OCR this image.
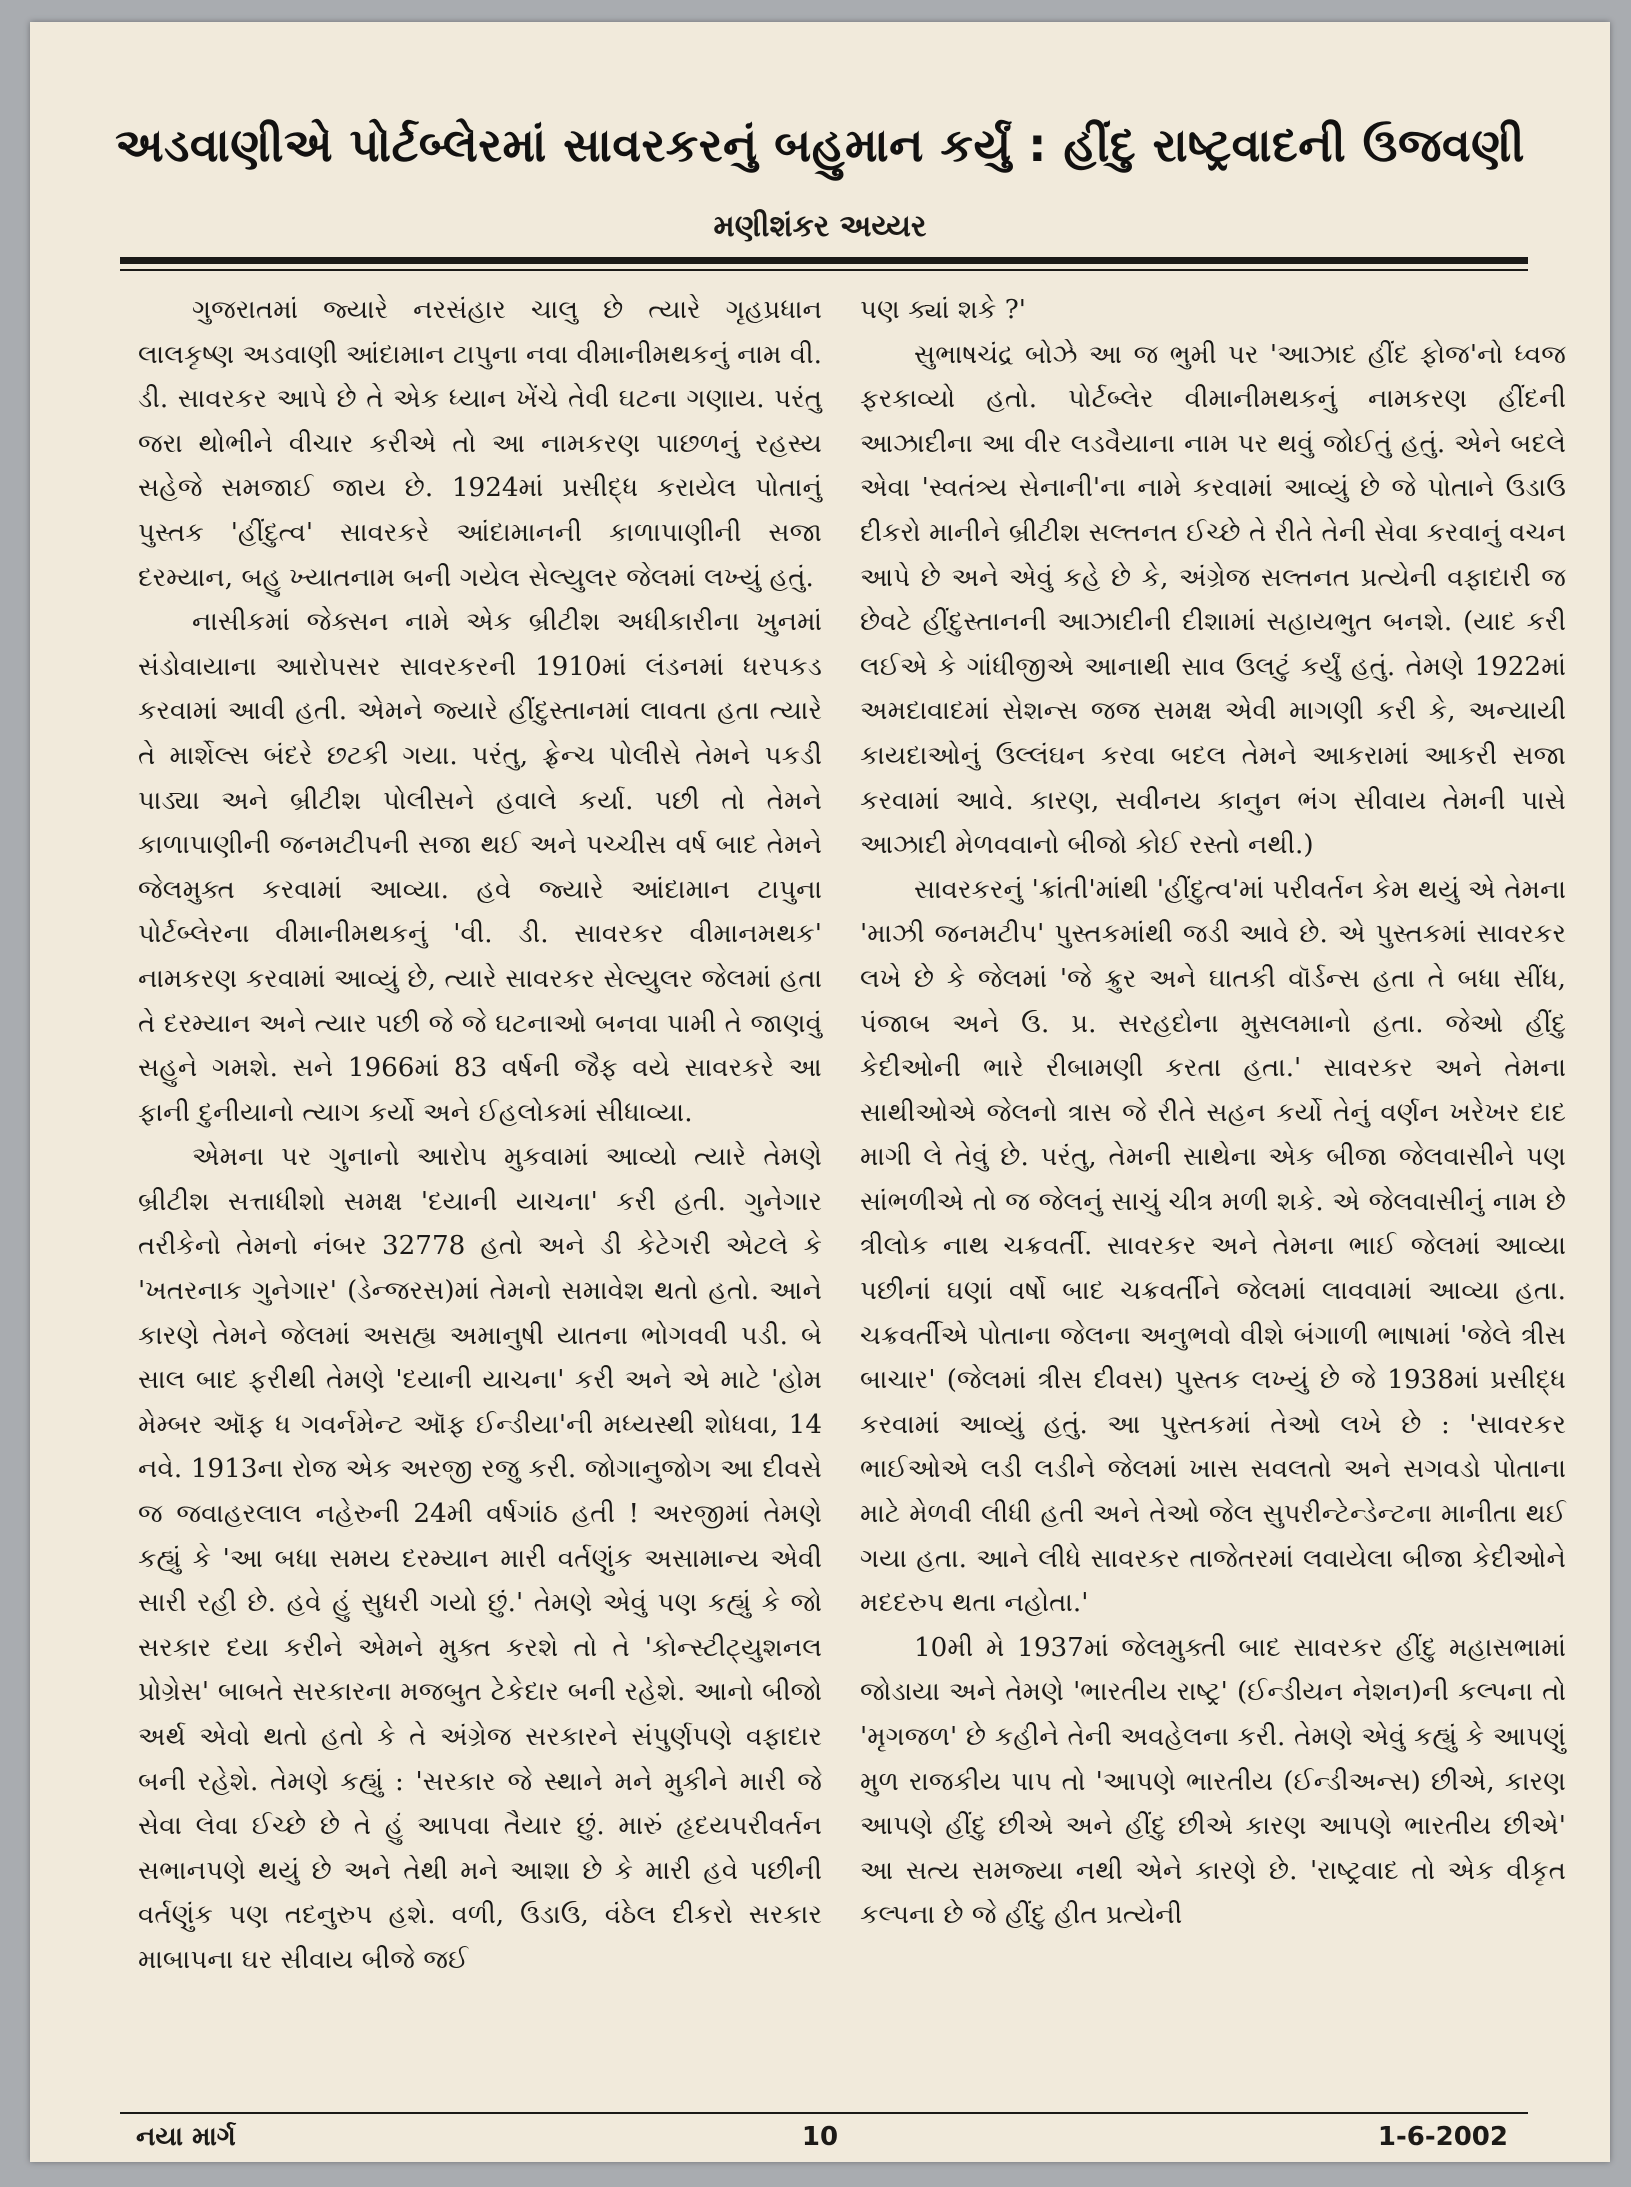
અડવાણીએ પોર્ટબ્લેરમાં સાવરકરનું બહુમાન કર્યું : હીંદુ રાષ્ટ્રવાદની ઉજવણી
મણીશંકર અય્યર

ગુજરાતમાં જ્યારે નરસંહાર ચાલુ છે ત્યારે ગૃહપ્રધાન લાલકૃષ્ણ અડવાણી આંદામાન ટાપુના નવા વીમાનીમથકનું નામ વી. ડી. સાવરકર આપે છે તે એક ધ્યાન ખેંચે તેવી ઘટના ગણાય. પરંતુ જરા થોભીને વીચાર કરીએ તો આ નામકરણ પાછળનું રહસ્ય સહેજે સમજાઈ જાય છે. 1924માં પ્રસીદ્ધ કરાયેલ પોતાનું પુસ્તક 'હીંદુત્વ' સાવરકરે આંદામાનની કાળાપાણીની સજા દરમ્યાન, બહુ ખ્યાતનામ બની ગયેલ સેલ્યુલર જેલમાં લખ્યું હતું.

નાસીકમાં જેક્સન નામે એક બ્રીટીશ અધીકારીના ખુનમાં સંડોવાયાના આરોપસર સાવરકરની 1910માં લંડનમાં ધરપકડ કરવામાં આવી હતી. એમને જ્યારે હીંદુસ્તાનમાં લાવતા હતા ત્યારે તે માર્શેલ્સ બંદરે છટકી ગયા. પરંતુ, ફ્રેન્ચ પોલીસે તેમને પકડી પાડ્યા અને બ્રીટીશ પોલીસને હવાલે કર્યા. પછી તો તેમને કાળાપાણીની જનમટીપની સજા થઈ અને પચ્ચીસ વર્ષ બાદ તેમને જેલમુક્ત કરવામાં આવ્યા. હવે જ્યારે આંદામાન ટાપુના પોર્ટબ્લેરના વીમાનીમથકનું 'વી. ડી. સાવરકર વીમાનમથક' નામકરણ કરવામાં આવ્યું છે, ત્યારે સાવરકર સેલ્યુલર જેલમાં હતા તે દરમ્યાન અને ત્યાર પછી જે જે ઘટનાઓ બનવા પામી તે જાણવું સહુને ગમશે. સને 1966માં 83 વર્ષની જૈફ વયે સાવરકરે આ ફાની દુનીયાનો ત્યાગ કર્યો અને ઈહલોકમાં સીધાવ્યા.

એમના પર ગુનાનો આરોપ મુકવામાં આવ્યો ત્યારે તેમણે બ્રીટીશ સત્તાધીશો સમક્ષ 'દયાની યાચના' કરી હતી. ગુનેગાર તરીકેનો તેમનો નંબર 32778 હતો અને ડી કેટેગરી એટલે કે 'ખતરનાક ગુનેગાર' (ડેન્જરસ)માં તેમનો સમાવેશ થતો હતો. આને કારણે તેમને જેલમાં અસહ્ય અમાનુષી યાતના ભોગવવી પડી. બે સાલ બાદ ફરીથી તેમણે 'દયાની યાચના' કરી અને એ માટે 'હોમ મેમ્બર ઑફ ધ ગવર્નમેન્ટ ઑફ ઈન્ડીયા'ની મધ્યસ્થી શોધવા, 14 નવે. 1913ના રોજ એક અરજી રજુ કરી. જોગાનુજોગ આ દીવસે જ જવાહરલાલ નહેરુની 24મી વર્ષગાંઠ હતી ! અરજીમાં તેમણે કહ્યું કે 'આ બધા સમય દરમ્યાન મારી વર્તણુંક અસામાન્ય એવી સારી રહી છે. હવે હું સુધરી ગયો છું.' તેમણે એવું પણ કહ્યું કે જો સરકાર દયા કરીને એમને મુક્ત કરશે તો તે 'કોન્સ્ટીટ્યુશનલ પ્રોગ્રેસ' બાબતે સરકારના મજબુત ટેકેદાર બની રહેશે. આનો બીજો અર્થ એવો થતો હતો કે તે અંગ્રેજ સરકારને સંપુર્ણપણે વફાદાર બની રહેશે. તેમણે કહ્યું : 'સરકાર જે સ્થાને મને મુકીને મારી જે સેવા લેવા ઈચ્છે છે તે હું આપવા તૈયાર છું. મારું હૃદયપરીવર્તન સભાનપણે થયું છે અને તેથી મને આશા છે કે મારી હવે પછીની વર્તણુંક પણ તદનુરુપ હશે. વળી, ઉડાઉ, વંઠેલ દીકરો સરકાર માબાપના ઘર સીવાય બીજે જઈ

પણ ક્યાં શકે ?'

સુભાષચંદ્ર બોઝે આ જ ભુમી પર 'આઝાદ હીંદ ફોજ'નો ધ્વજ ફરકાવ્યો હતો. પોર્ટબ્લેર વીમાનીમથકનું નામકરણ હીંદની આઝાદીના આ વીર લડવૈયાના નામ પર થવું જોઈતું હતું. એને બદલે એવા 'સ્વતંત્ર્ય સેનાની'ના નામે કરવામાં આવ્યું છે જે પોતાને ઉડાઉ દીકરો માનીને બ્રીટીશ સલ્તનત ઈચ્છે તે રીતે તેની સેવા કરવાનું વચન આપે છે અને એવું કહે છે કે, અંગ્રેજ સલ્તનત પ્રત્યેની વફાદારી જ છેવટે હીંદુસ્તાનની આઝાદીની દીશામાં સહાયભુત બનશે. (યાદ કરી લઈએ કે ગાંધીજીએ આનાથી સાવ ઉલટું કર્યું હતું. તેમણે 1922માં અમદાવાદમાં સેશન્સ જજ સમક્ષ એવી માગણી કરી કે, અન્યાયી કાયદાઓનું ઉલ્લંઘન કરવા બદલ તેમને આકરામાં આકરી સજા કરવામાં આવે. કારણ, સવીનય કાનુન ભંગ સીવાય તેમની પાસે આઝાદી મેળવવાનો બીજો કોઈ રસ્તો નથી.)

સાવરકરનું 'ક્રાંતી'માંથી 'હીંદુત્વ'માં પરીવર્તન કેમ થયું એ તેમના 'માઝી જનમટીપ' પુસ્તકમાંથી જડી આવે છે. એ પુસ્તકમાં સાવરકર લખે છે કે જેલમાં 'જે ક્રુર અને ઘાતકી વૉર્ડન્સ હતા તે બધા સીંધ, પંજાબ અને ઉ. પ્ર. સરહદોના મુસલમાનો હતા. જેઓ હીંદુ કેદીઓની ભારે રીબામણી કરતા હતા.' સાવરકર અને તેમના સાથીઓએ જેલનો ત્રાસ જે રીતે સહન કર્યો તેનું વર્ણન ખરેખર દાદ માગી લે તેવું છે. પરંતુ, તેમની સાથેના એક બીજા જેલવાસીને પણ સાંભળીએ તો જ જેલનું સાચું ચીત્ર મળી શકે. એ જેલવાસીનું નામ છે ત્રીલોક નાથ ચક્રવર્તી. સાવરકર અને તેમના ભાઈ જેલમાં આવ્યા પછીનાં ઘણાં વર્ષો બાદ ચક્રવર્તીને જેલમાં લાવવામાં આવ્યા હતા. ચક્રવર્તીએ પોતાના જેલના અનુભવો વીશે બંગાળી ભાષામાં 'જેલે ત્રીસ બાચાર' (જેલમાં ત્રીસ દીવસ) પુસ્તક લખ્યું છે જે 1938માં પ્રસીદ્ધ કરવામાં આવ્યું હતું. આ પુસ્તકમાં તેઓ લખે છે : 'સાવરકર ભાઈઓએ લડી લડીને જેલમાં ખાસ સવલતો અને સગવડો પોતાના માટે મેળવી લીધી હતી અને તેઓ જેલ સુપરીન્ટેન્ડેન્ટના માનીતા થઈ ગયા હતા. આને લીધે સાવરકર તાજેતરમાં લવાયેલા બીજા કેદીઓને મદદરુપ થતા નહોતા.'

10મી મે 1937માં જેલમુક્તી બાદ સાવરકર હીંદુ મહાસભામાં જોડાયા અને તેમણે 'ભારતીય રાષ્ટ્ર' (ઈન્ડીયન નેશન)ની કલ્પના તો 'મૃગજળ' છે કહીને તેની અવહેલના કરી. તેમણે એવું કહ્યું કે આપણું મુળ રાજકીય પાપ તો 'આપણે ભારતીય (ઈન્ડીઅન્સ) છીએ, કારણ આપણે હીંદુ છીએ અને હીંદુ છીએ કારણ આપણે ભારતીય છીએ' આ સત્ય સમજ્યા નથી એને કારણે છે. 'રાષ્ટ્રવાદ તો એક વીકૃત કલ્પના છે જે હીંદુ હીત પ્રત્યેની

નયા માર્ગ	10	1-6-2002
